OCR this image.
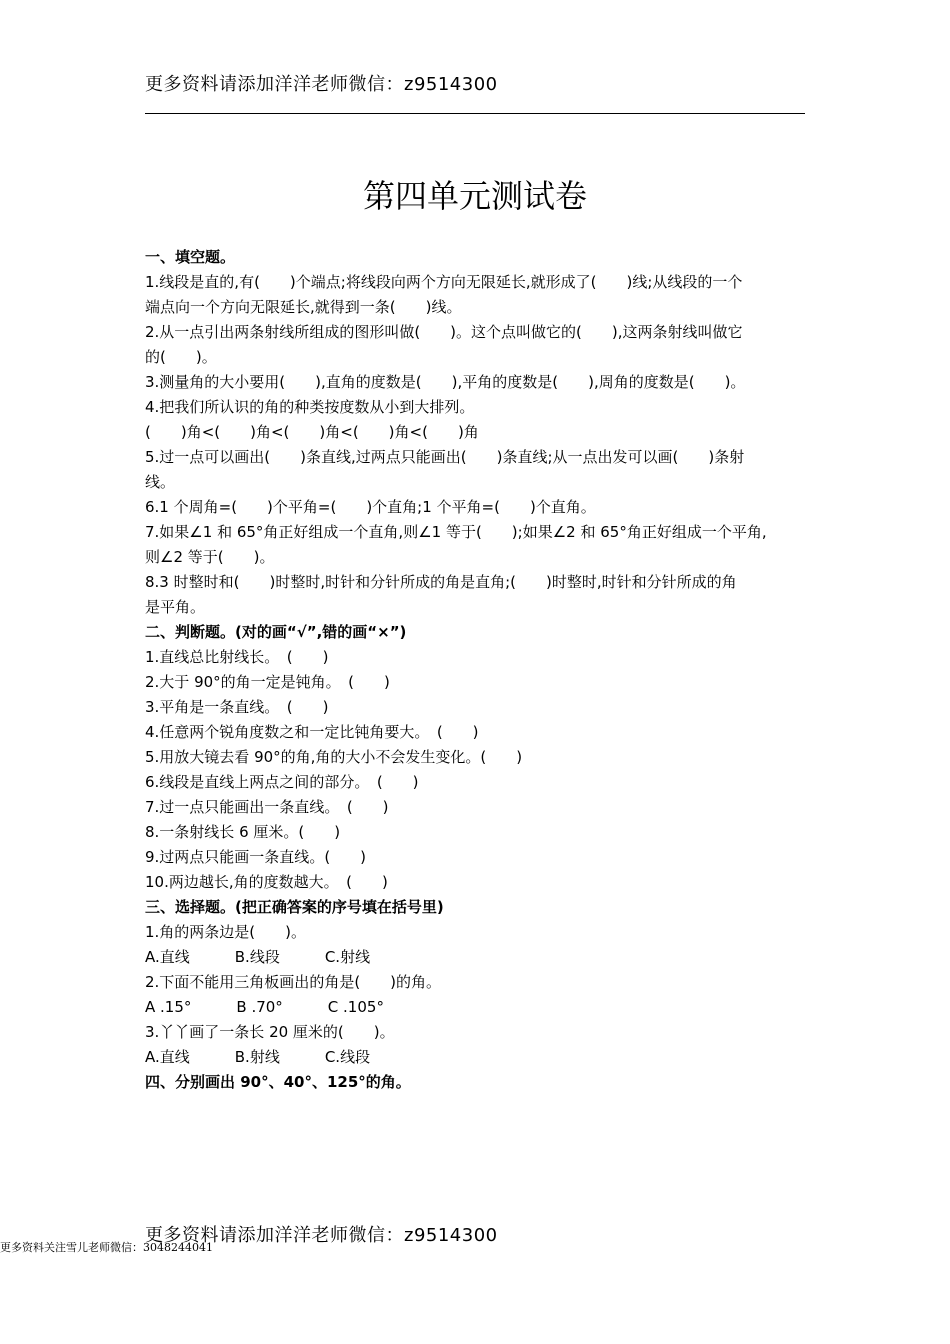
更多资料请添加洋洋老师微信：z9514300
第四单元测试卷
一、填空题。
1.线段是直的,有(　　)个端点;将线段向两个方向无限延长,就形成了(　　)线;从线段的一个
端点向一个方向无限延长,就得到一条(　　)线。
2.从一点引出两条射线所组成的图形叫做(　　)。这个点叫做它的(　　),这两条射线叫做它
的(　　)。
3.测量角的大小要用(　　),直角的度数是(　　),平角的度数是(　　),周角的度数是(　　)。
4.把我们所认识的角的种类按度数从小到大排列。
(　　)角<(　　)角<(　　)角<(　　)角<(　　)角
5.过一点可以画出(　　)条直线,过两点只能画出(　　)条直线;从一点出发可以画(　　)条射
线。
6.1 个周角=(　　)个平角=(　　)个直角;1 个平角=(　　)个直角。
7.如果∠1 和 65°角正好组成一个直角,则∠1 等于(　　);如果∠2 和 65°角正好组成一个平角,
则∠2 等于(　　)。
8.3 时整时和(　　)时整时,时针和分针所成的角是直角;(　　)时整时,时针和分针所成的角
是平角。
二、判断题。(对的画“√”,错的画“×”)
1.直线总比射线长。　(　　)
2.大于 90°的角一定是钝角。　(　　)
3.平角是一条直线。　(　　)
4.任意两个锐角度数之和一定比钝角要大。　(　　)
5.用放大镜去看 90°的角,角的大小不会发生变化。(　　)
6.线段是直线上两点之间的部分。　(　　)
7.过一点只能画出一条直线。　(　　)
8.一条射线长 6 厘米。(　　)
9.过两点只能画一条直线。(　　)
10.两边越长,角的度数越大。　(　　)
三、选择题。(把正确答案的序号填在括号里)
1.角的两条边是(　　)。
A.直线　　　B.线段　　　C.射线
2.下面不能用三角板画出的角是(　　)的角。
A .15°　　　B .70°　　　C .105°
3.丫丫画了一条长 20 厘米的(　　)。
A.直线　　　B.射线　　　C.线段
四、分别画出 90°、40°、125°的角。
更多资料请添加洋洋老师微信：z9514300
更多资料关注雪儿老师微信：3048244041
